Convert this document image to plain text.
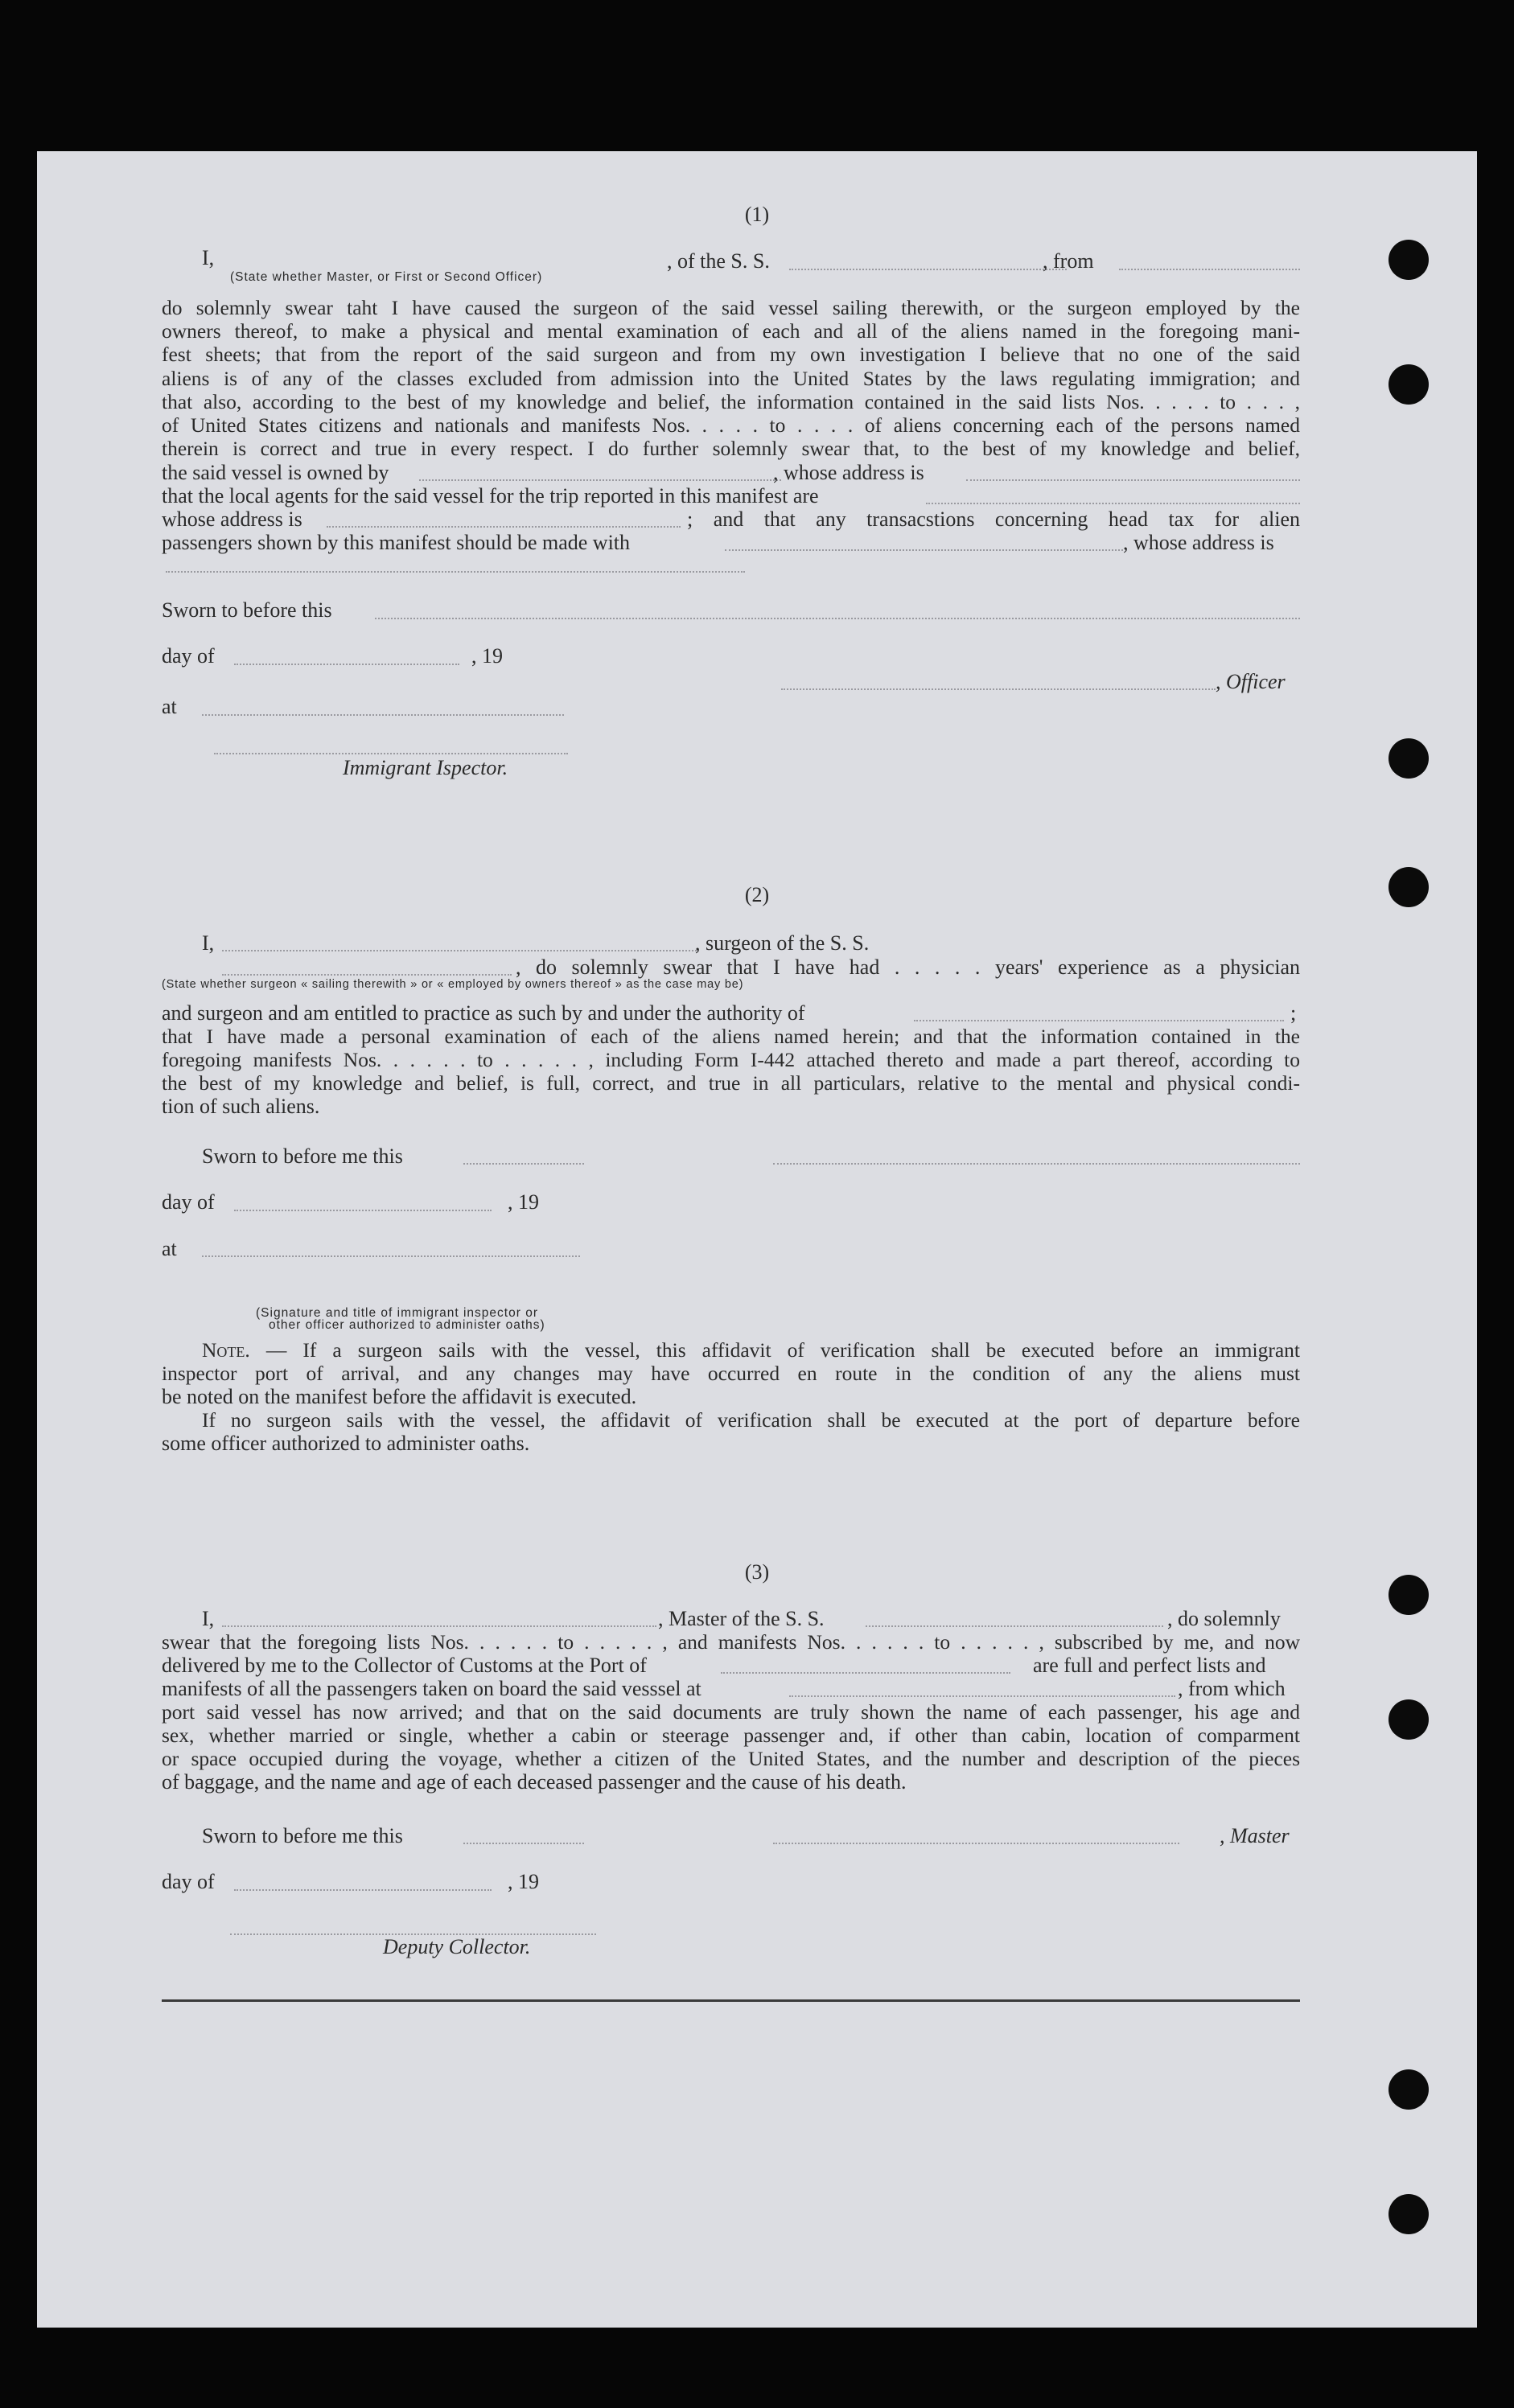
(1)
I,
(State whether Master, or First or Second Officer)
, of the S. S.	, from
do solemnly swear taht I have caused the surgeon of the said vessel sailing therewith, or the surgeon employed by the
owners thereof, to make a physical and mental examination of each and all of the aliens named in the foregoing mani-
fest sheets; that from the report of the said surgeon and from my own investigation I believe that no one of the said
aliens is of any of the classes excluded from admission into the United States by the laws regulating immigration; and
that also, according to the best of my knowledge and belief, the information contained in the said lists Nos. . . . . to . . . ,
of United States citizens and nationals and manifests Nos. . . . . to . . . . of aliens concerning each of the persons named
therein is correct and true in every respect. I do further solemnly swear that, to the best of my knowledge and belief,
the said vessel is owned by	, whose address is
that the local agents for the said vessel for the trip reported in this manifest are
whose address is	; and that any transacstions concerning head tax for alien
passengers shown by this manifest should be made with	, whose address is
Sworn to before this
day of	, 19
, Officer
at
Immigrant Ispector.
(2)
I,	, surgeon of the S. S.
, do solemnly swear that I have had . . . . . years' experience as a physician
(State whether surgeon « sailing therewith » or « employed by owners thereof » as the case may be)
and surgeon and am entitled to practice as such by and under the authority of	;
that I have made a personal examination of each of the aliens named herein; and that the information contained in the
foregoing manifests Nos. . . . . . to . . . . . , including Form I-442 attached thereto and made a part thereof, according to
the best of my knowledge and belief, is full, correct, and true in all particulars, relative to the mental and physical condi-
tion of such aliens.
Sworn to before me this
day of	, 19
at
(Signature and title of immigrant inspector or
other officer authorized to administer oaths)
Note. — If a surgeon sails with the vessel, this affidavit of verification shall be executed before an immigrant
inspector port of arrival, and any changes may have occurred en route in the condition of any the aliens must
be noted on the manifest before the affidavit is executed.
If no surgeon sails with the vessel, the affidavit of verification shall be executed at the port of departure before
some officer authorized to administer oaths.
(3)
I,	, Master of the S. S.	, do solemnly
swear that the foregoing lists Nos. . . . . . to . . . . . , and manifests Nos. . . . . . to . . . . . , subscribed by me, and now
delivered by me to the Collector of Customs at the Port of	are full and perfect lists and
manifests of all the passengers taken on board the said vesssel at	, from which
port said vessel has now arrived; and that on the said documents are truly shown the name of each passenger, his age and
sex, whether married or single, whether a cabin or steerage passenger and, if other than cabin, location of comparment
or space occupied during the voyage, whether a citizen of the United States, and the number and description of the pieces
of baggage, and the name and age of each deceased passenger and the cause of his death.
Sworn to before me this	, Master
day of	, 19
Deputy Collector.
